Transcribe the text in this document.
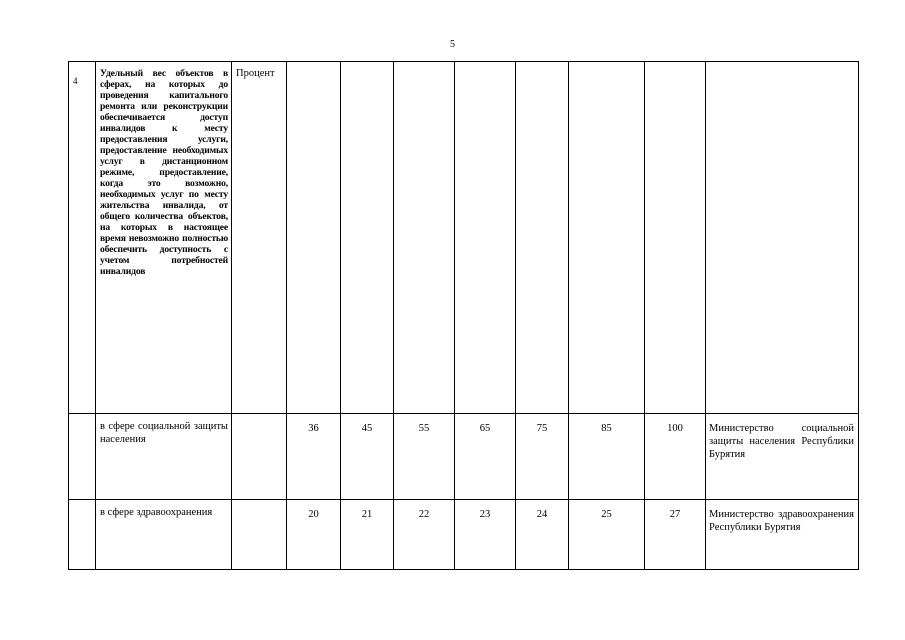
5
4	Удельный вес объектов в сферах, на которых до проведения капитального ремонта или реконструкции обеспечивается доступ инвалидов к месту предоставления услуги, предоставление необходимых услуг в дистанционном режиме, предоставление, когда это возможно, необходимых услуг по месту жительства инвалида, от общего количества объектов, на которых в настоящее время невозможно полностью обеспечить доступность с учетом потребностей инвалидов	Процент								

	в сфере социальной защиты населения		36	45	55	65	75	85	100	Министерство социальной защиты населения Республики Бурятия

	в сфере здравоохранения		20	21	22	23	24	25	27	Министерство здравоохранения Республики Бурятия
